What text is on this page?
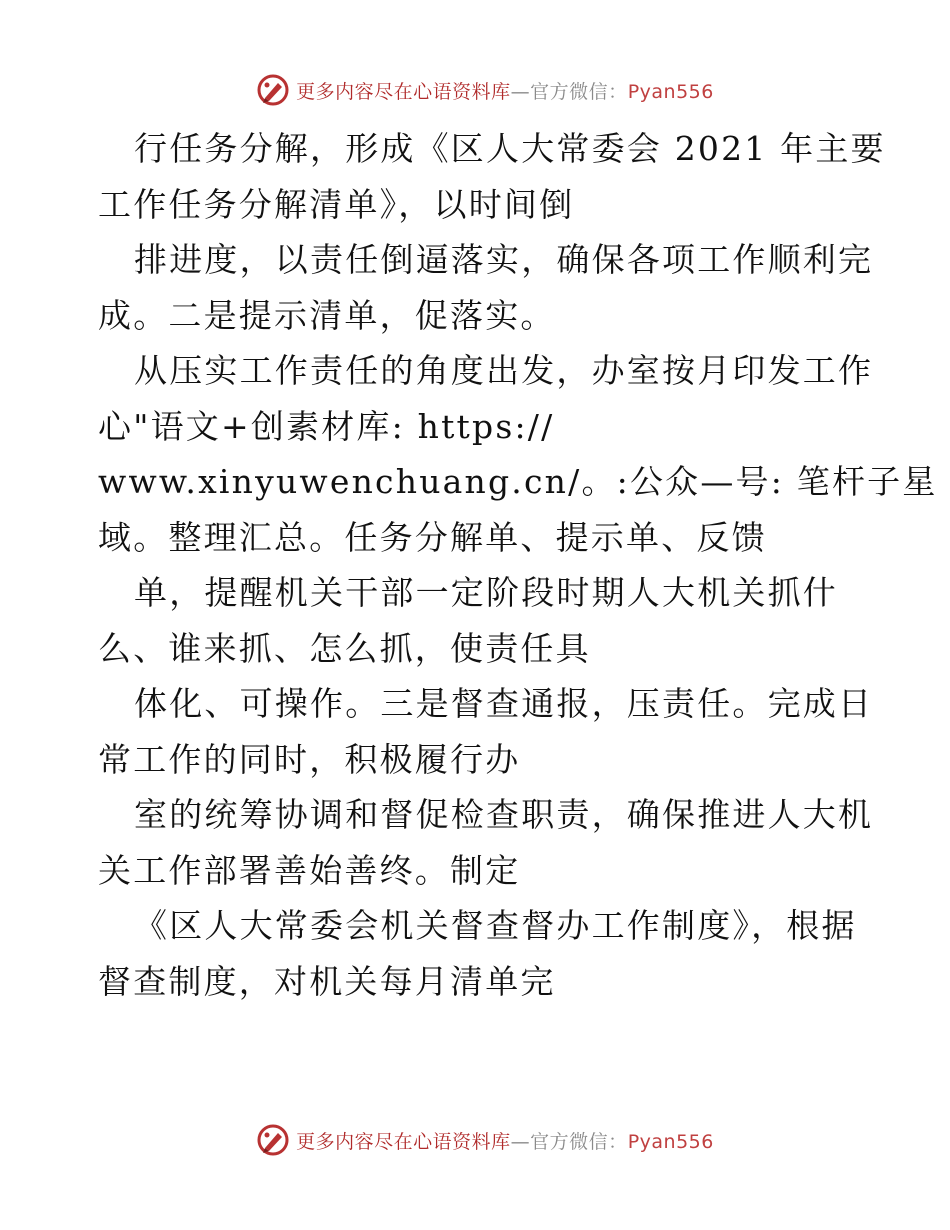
更多内容尽在心语资料库—官方微信：Pyan556
行任务分解，形成《区人大常委会 2021 年主要
工作任务分解清单》，以时间倒
排进度，以责任倒逼落实，确保各项工作顺利完
成。二是提示清单，促落实。
从压实工作责任的角度出发，办室按月印发工作
心"语文+创素材库: https://
www.xinyuwenchuang.cn/。:公众—号: 笔杆子星
域。整理汇总。任务分解单、提示单、反馈
单，提醒机关干部一定阶段时期人大机关抓什
么、谁来抓、怎么抓，使责任具
体化、可操作。三是督查通报，压责任。完成日
常工作的同时，积极履行办
室的统筹协调和督促检查职责，确保推进人大机
关工作部署善始善终。制定
《区人大常委会机关督查督办工作制度》，根据
督查制度，对机关每月清单完
更多内容尽在心语资料库—官方微信：Pyan556
